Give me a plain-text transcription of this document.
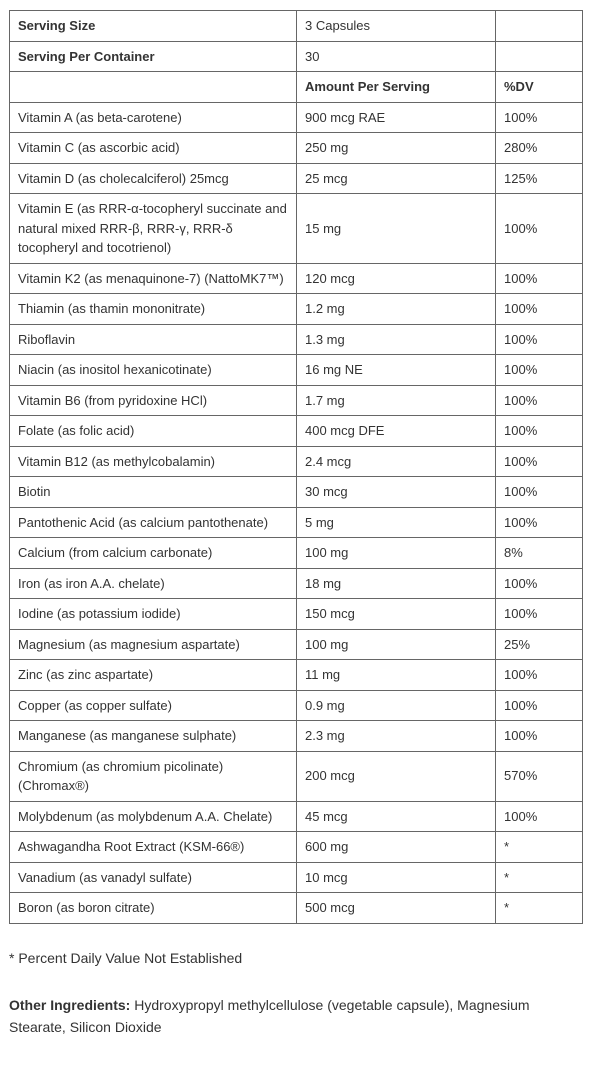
Serving Size	3 Capsules	
Serving Per Container	30	
	Amount Per Serving	%DV
Vitamin A (as beta-carotene)	900 mcg RAE	100%
Vitamin C (as ascorbic acid)	250 mg	280%
Vitamin D (as cholecalciferol) 25mcg	25 mcg	125%
Vitamin E (as RRR-α-tocopheryl succinate and natural mixed RRR-β, RRR-γ, RRR-δ tocopheryl and tocotrienol)	15 mg	100%
Vitamin K2 (as menaquinone-7) (NattoMK7™)	120 mcg	100%
Thiamin (as thamin mononitrate)	1.2 mg	100%
Riboflavin	1.3 mg	100%
Niacin (as inositol hexanicotinate)	16 mg NE	100%
Vitamin B6 (from pyridoxine HCl)	1.7 mg	100%
Folate (as folic acid)	400 mcg DFE	100%
Vitamin B12 (as methylcobalamin)	2.4 mcg	100%
Biotin	30 mcg	100%
Pantothenic Acid (as calcium pantothenate)	5 mg	100%
Calcium (from calcium carbonate)	100 mg	8%
Iron (as iron A.A. chelate)	18 mg	100%
Iodine (as potassium iodide)	150 mcg	100%
Magnesium (as magnesium aspartate)	100 mg	25%
Zinc (as zinc aspartate)	11 mg	100%
Copper (as copper sulfate)	0.9 mg	100%
Manganese (as manganese sulphate)	2.3 mg	100%
Chromium (as chromium picolinate) (Chromax®)	200 mcg	570%
Molybdenum (as molybdenum A.A. Chelate)	45 mcg	100%
Ashwagandha Root Extract (KSM-66®)	600 mg	*
Vanadium (as vanadyl sulfate)	10 mcg	*
Boron (as boron citrate)	500 mcg	*

* Percent Daily Value Not Established

Other Ingredients: Hydroxypropyl methylcellulose (vegetable capsule), Magnesium Stearate, Silicon Dioxide
